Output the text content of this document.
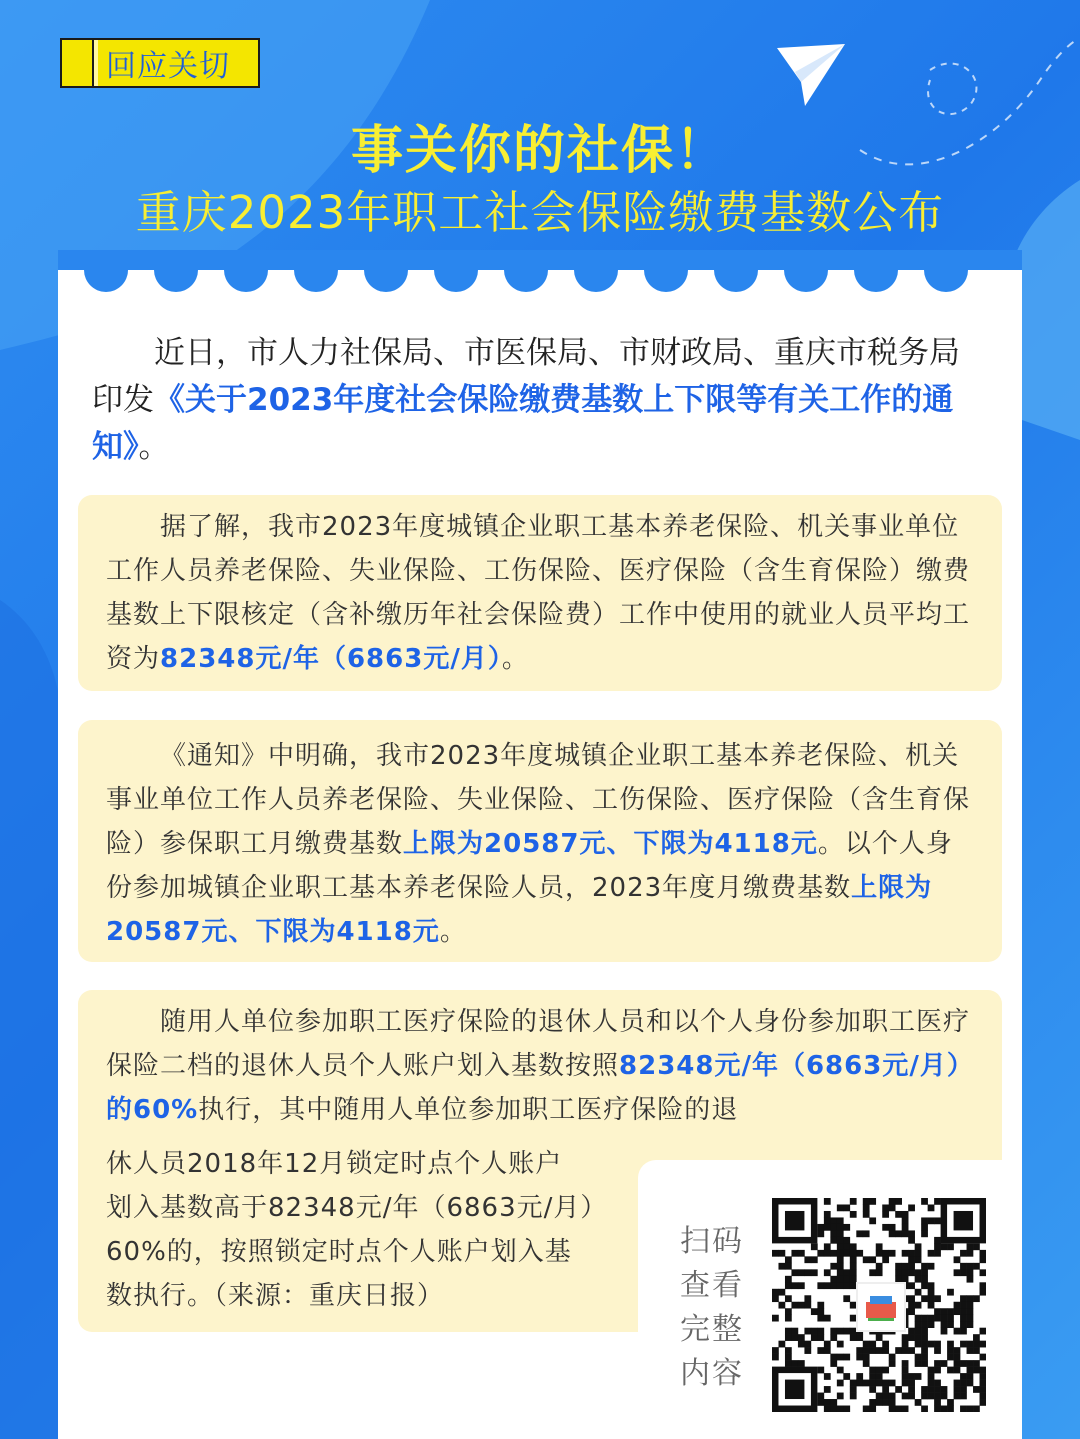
回应关切
事关你的社保！
重庆2023年职工社会保险缴费基数公布
近日，市人力社保局、市医保局、市财政局、重庆市税务局印发《关于2023年度社会保险缴费基数上下限等有关工作的通知》。
据了解，我市2023年度城镇企业职工基本养老保险、机关事业单位工作人员养老保险、失业保险、工伤保险、医疗保险（含生育保险）缴费基数上下限核定（含补缴历年社会保险费）工作中使用的就业人员平均工资为82348元/年（6863元/月）。
《通知》中明确，我市2023年度城镇企业职工基本养老保险、机关事业单位工作人员养老保险、失业保险、工伤保险、医疗保险（含生育保险）参保职工月缴费基数上限为20587元、下限为4118元。以个人身份参加城镇企业职工基本养老保险人员，2023年度月缴费基数上限为20587元、下限为4118元。
随用人单位参加职工医疗保险的退休人员和以个人身份参加职工医疗保险二档的退休人员个人账户划入基数按照82348元/年（6863元/月）的60%执行，其中随用人单位参加职工医疗保险的退
休人员2018年12月锁定时点个人账户
划入基数高于82348元/年（6863元/月）
60%的，按照锁定时点个人账户划入基
数执行。（来源：重庆日报）
扫码
查看
完整
内容
